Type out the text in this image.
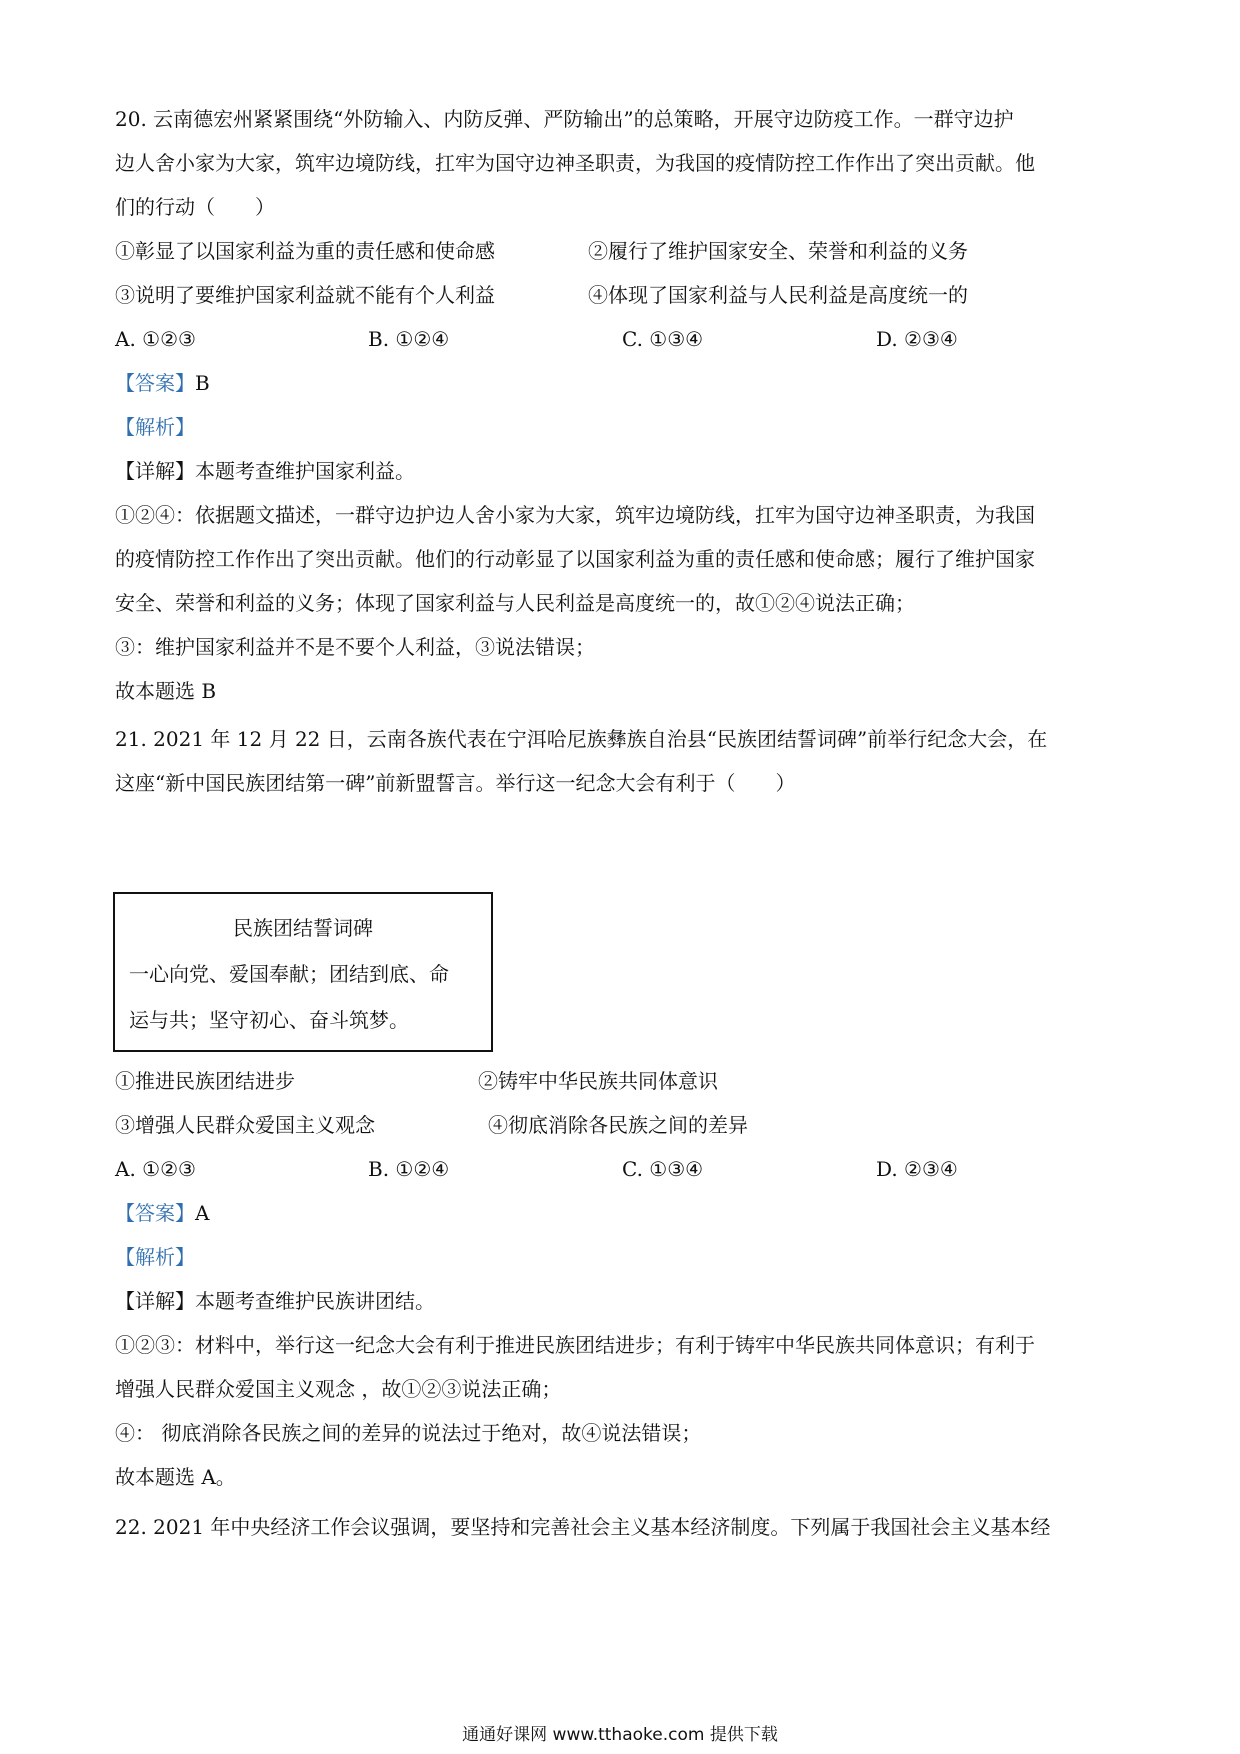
20. 云南德宏州紧紧围绕“外防输入、内防反弹、严防输出”的总策略，开展守边防疫工作。一群守边护
边人舍小家为大家，筑牢边境防线，扛牢为国守边神圣职责，为我国的疫情防控工作作出了突出贡献。他
们的行动（　　）
①彰显了以国家利益为重的责任感和使命感	②履行了维护国家安全、荣誉和利益的义务
③说明了要维护国家利益就不能有个人利益	④体现了国家利益与人民利益是高度统一的
A. ①②③	B. ①②④	C. ①③④	D. ②③④
【答案】B
【解析】
【详解】本题考查维护国家利益。
①②④：依据题文描述，一群守边护边人舍小家为大家，筑牢边境防线，扛牢为国守边神圣职责，为我国
的疫情防控工作作出了突出贡献。他们的行动彰显了以国家利益为重的责任感和使命感；履行了维护国家
安全、荣誉和利益的义务；体现了国家利益与人民利益是高度统一的，故①②④说法正确；
③：维护国家利益并不是不要个人利益，③说法错误；
故本题选 B
21. 2021 年 12 月 22 日，云南各族代表在宁洱哈尼族彝族自治县“民族团结誓词碑”前举行纪念大会，在
这座“新中国民族团结第一碑”前新盟誓言。举行这一纪念大会有利于（　　）
民族团结誓词碑
一心向党、爱国奉献；团结到底、命
运与共；坚守初心、奋斗筑梦。
①推进民族团结进步	②铸牢中华民族共同体意识
③增强人民群众爱国主义观念	④彻底消除各民族之间的差异
A. ①②③	B. ①②④	C. ①③④	D. ②③④
【答案】A
【解析】
【详解】本题考查维护民族讲团结。
①②③：材料中，举行这一纪念大会有利于推进民族团结进步；有利于铸牢中华民族共同体意识；有利于
增强人民群众爱国主义观念 ，故①②③说法正确；
④： 彻底消除各民族之间的差异的说法过于绝对，故④说法错误；
故本题选 A。
22. 2021 年中央经济工作会议强调，要坚持和完善社会主义基本经济制度。下列属于我国社会主义基本经
通通好课网 www.tthaoke.com 提供下载
